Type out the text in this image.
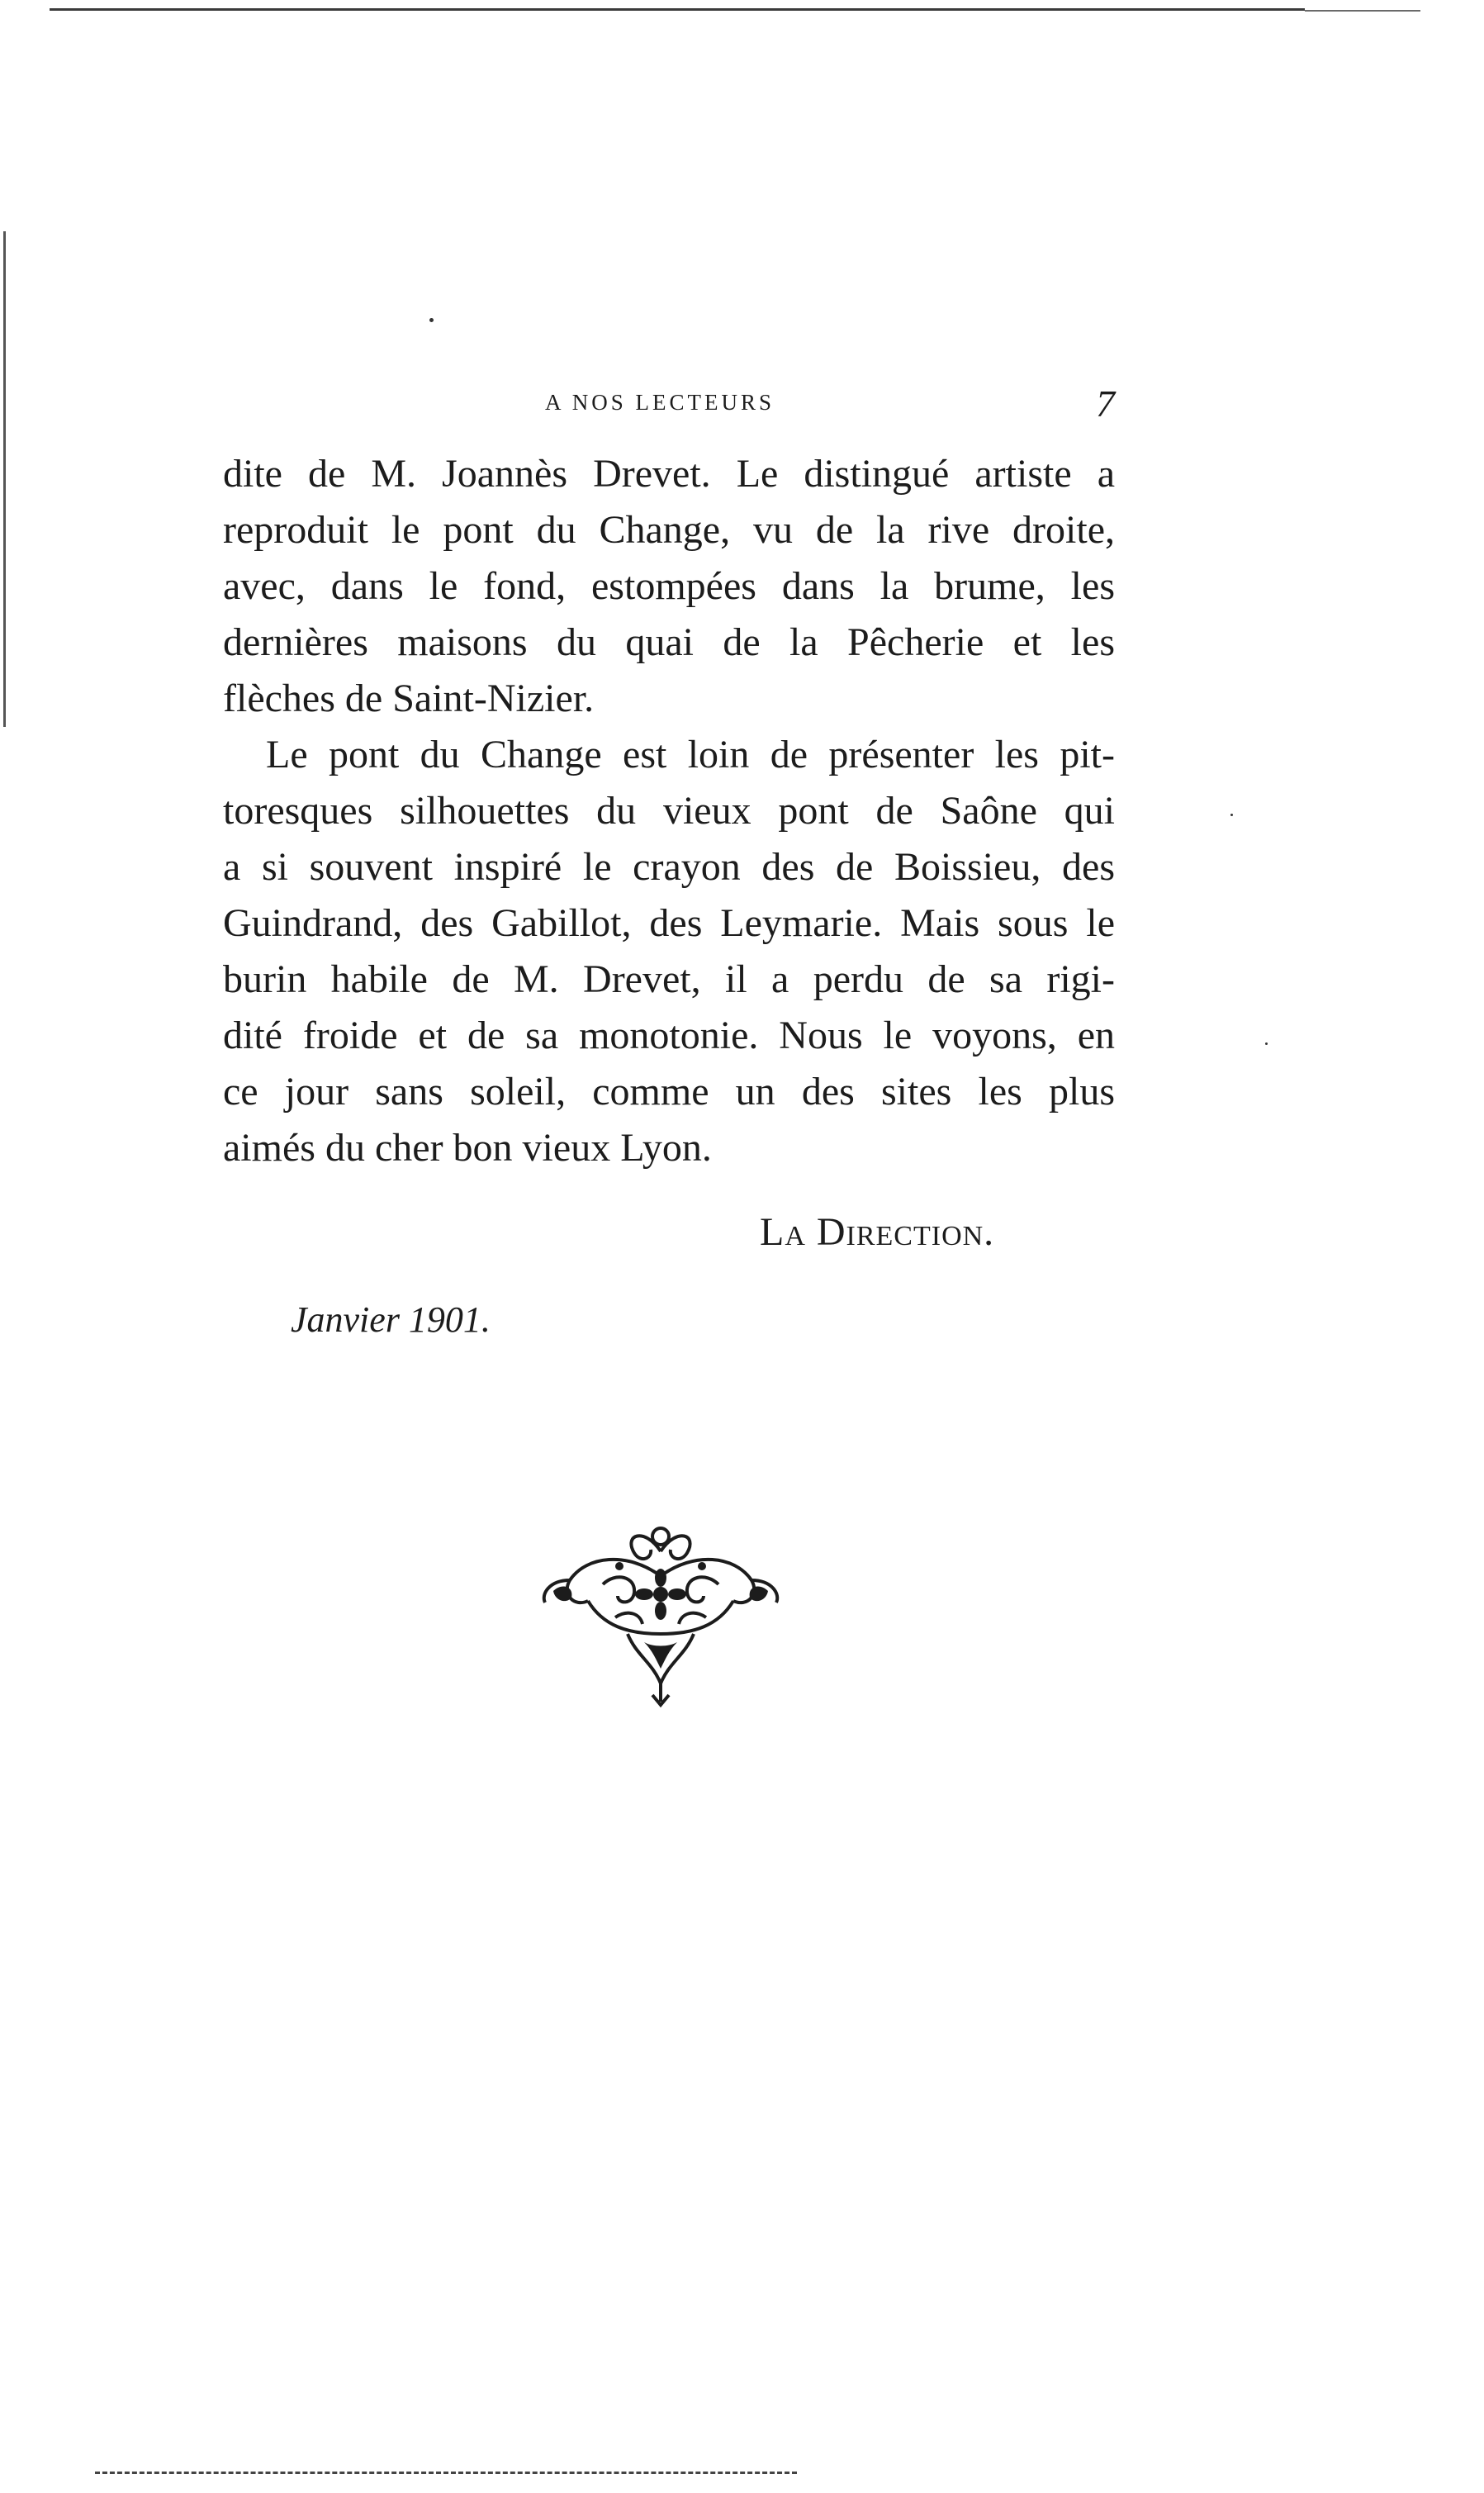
A NOS LECTEURS	7
dite de M. Joannès Drevet. Le distingué artiste a
reproduit le pont du Change, vu de la rive droite,
avec, dans le fond, estompées dans la brume, les
dernières maisons du quai de la Pêcherie et les
flèches de Saint-Nizier.
Le pont du Change est loin de présenter les pit-
toresques silhouettes du vieux pont de Saône qui
a si souvent inspiré le crayon des de Boissieu, des
Guindrand, des Gabillot, des Leymarie. Mais sous le
burin habile de M. Drevet, il a perdu de sa rigi-
dité froide et de sa monotonie. Nous le voyons, en
ce jour sans soleil, comme un des sites les plus
aimés du cher bon vieux Lyon.
La Direction.
Janvier 1901.
